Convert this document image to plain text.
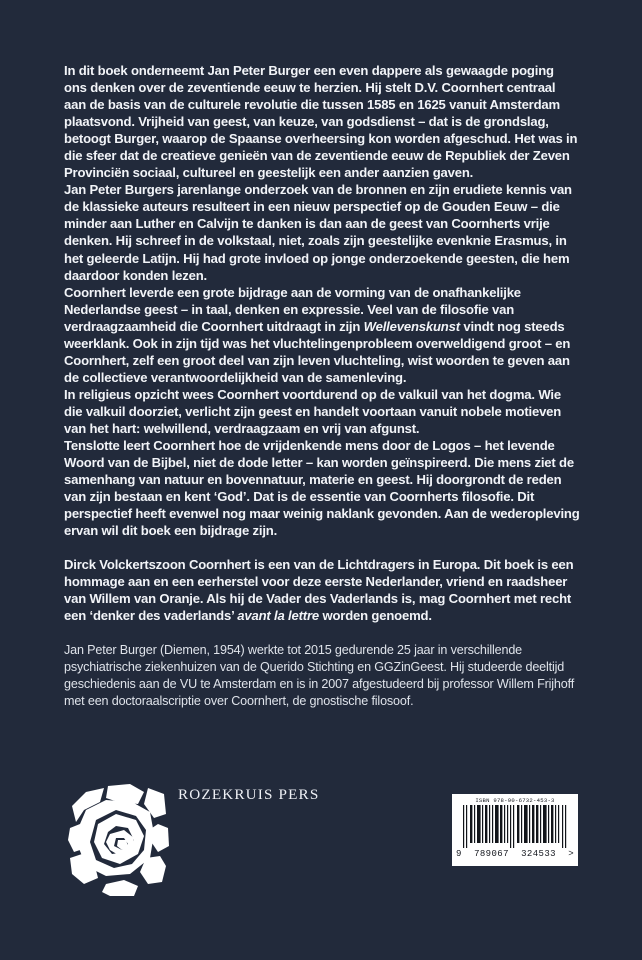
In dit boek onderneemt Jan Peter Burger een even dappere als gewaagde poging ons denken over de zeventiende eeuw te herzien. Hij stelt D.V. Coornhert centraal aan de basis van de culturele revolutie die tussen 1585 en 1625 vanuit Amsterdam plaatsvond. Vrijheid van geest, van keuze, van godsdienst – dat is de grondslag, betoogt Burger, waarop de Spaanse overheersing kon worden afgeschud. Het was in die sfeer dat de creatieve genieën van de zeventiende eeuw de Republiek der Zeven Provinciën sociaal, cultureel en geestelijk een ander aanzien gaven.

Jan Peter Burgers jarenlange onderzoek van de bronnen en zijn erudiete kennis van de klassieke auteurs resulteert in een nieuw perspectief op de Gouden Eeuw – die minder aan Luther en Calvijn te danken is dan aan de geest van Coornherts vrije denken. Hij schreef in de volkstaal, niet, zoals zijn geestelijke evenknie Erasmus, in het geleerde Latijn. Hij had grote invloed op jonge onderzoekende geesten, die hem daardoor konden lezen.

Coornhert leverde een grote bijdrage aan de vorming van de onafhankelijke Nederlandse geest – in taal, denken en expressie. Veel van de filosofie van verdraagzaamheid die Coornhert uitdraagt in zijn Wellevenskunst vindt nog steeds weerklank. Ook in zijn tijd was het vluchtelingenprobleem overweldigend groot – en Coornhert, zelf een groot deel van zijn leven vluchteling, wist woorden te geven aan de collectieve verantwoordelijkheid van de samenleving.

In religieus opzicht wees Coornhert voortdurend op de valkuil van het dogma. Wie die valkuil doorziet, verlicht zijn geest en handelt voortaan vanuit nobele motieven van het hart: welwillend, verdraagzaam en vrij van afgunst.

Tenslotte leert Coornhert hoe de vrijdenkende mens door de Logos – het levende Woord van de Bijbel, niet de dode letter – kan worden geïnspireerd. Die mens ziet de samenhang van natuur en bovennatuur, materie en geest. Hij doorgrondt de reden van zijn bestaan en kent ‘God’. Dat is de essentie van Coornherts filosofie. Dit perspectief heeft evenwel nog maar weinig naklank gevonden. Aan de wederopleving ervan wil dit boek een bijdrage zijn.

Dirck Volckertszoon Coornhert is een van de Lichtdragers in Europa. Dit boek is een hommage aan en een eerherstel voor deze eerste Nederlander, vriend en raadsheer van Willem van Oranje. Als hij de Vader des Vaderlands is, mag Coornhert met recht een ‘denker des vaderlands’ avant la lettre worden genoemd.

Jan Peter Burger (Diemen, 1954) werkte tot 2015 gedurende 25 jaar in verschillende psychiatrische ziekenhuizen van de Querido Stichting en GGZinGeest. Hij studeerde deeltijd geschiedenis aan de VU te Amsterdam en is in 2007 afgestudeerd bij professor Willem Frijhoff met een doctoraalscriptie over Coornhert, de gnostische filosoof.

ROZEKRUIS PERS	ISBN 978-90-6732-453-3
9 789067 324533 >
